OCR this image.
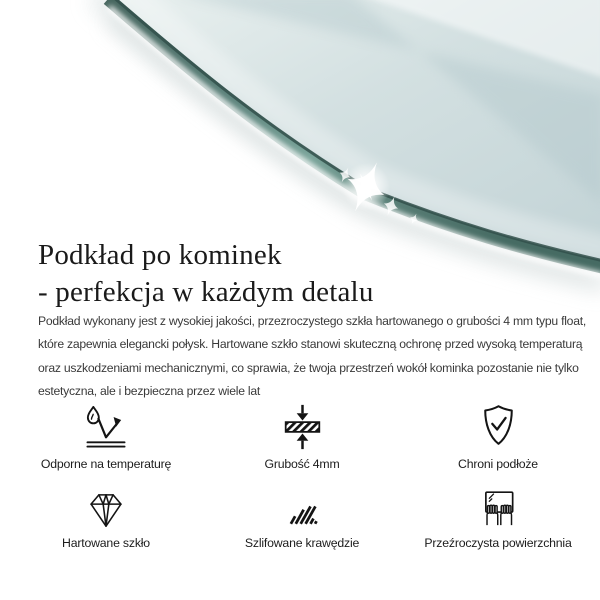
Podkład po kominek
- perfekcja w każdym detalu
Podkład wykonany jest z wysokiej jakości, przezroczystego szkła hartowanego o grubości 4 mm typu float,
które zapewnia elegancki połysk. Hartowane szkło stanowi skuteczną ochronę przed wysoką temperaturą
oraz uszkodzeniami mechanicznymi, co sprawia, że twoja przestrzeń wokół kominka pozostanie nie tylko
estetyczna, ale i bezpieczna przez wiele lat
Odporne na temperaturę	Grubość 4mm	Chroni podłoże
Hartowane szkło	Szlifowane krawędzie	Przeźroczysta powierzchnia
